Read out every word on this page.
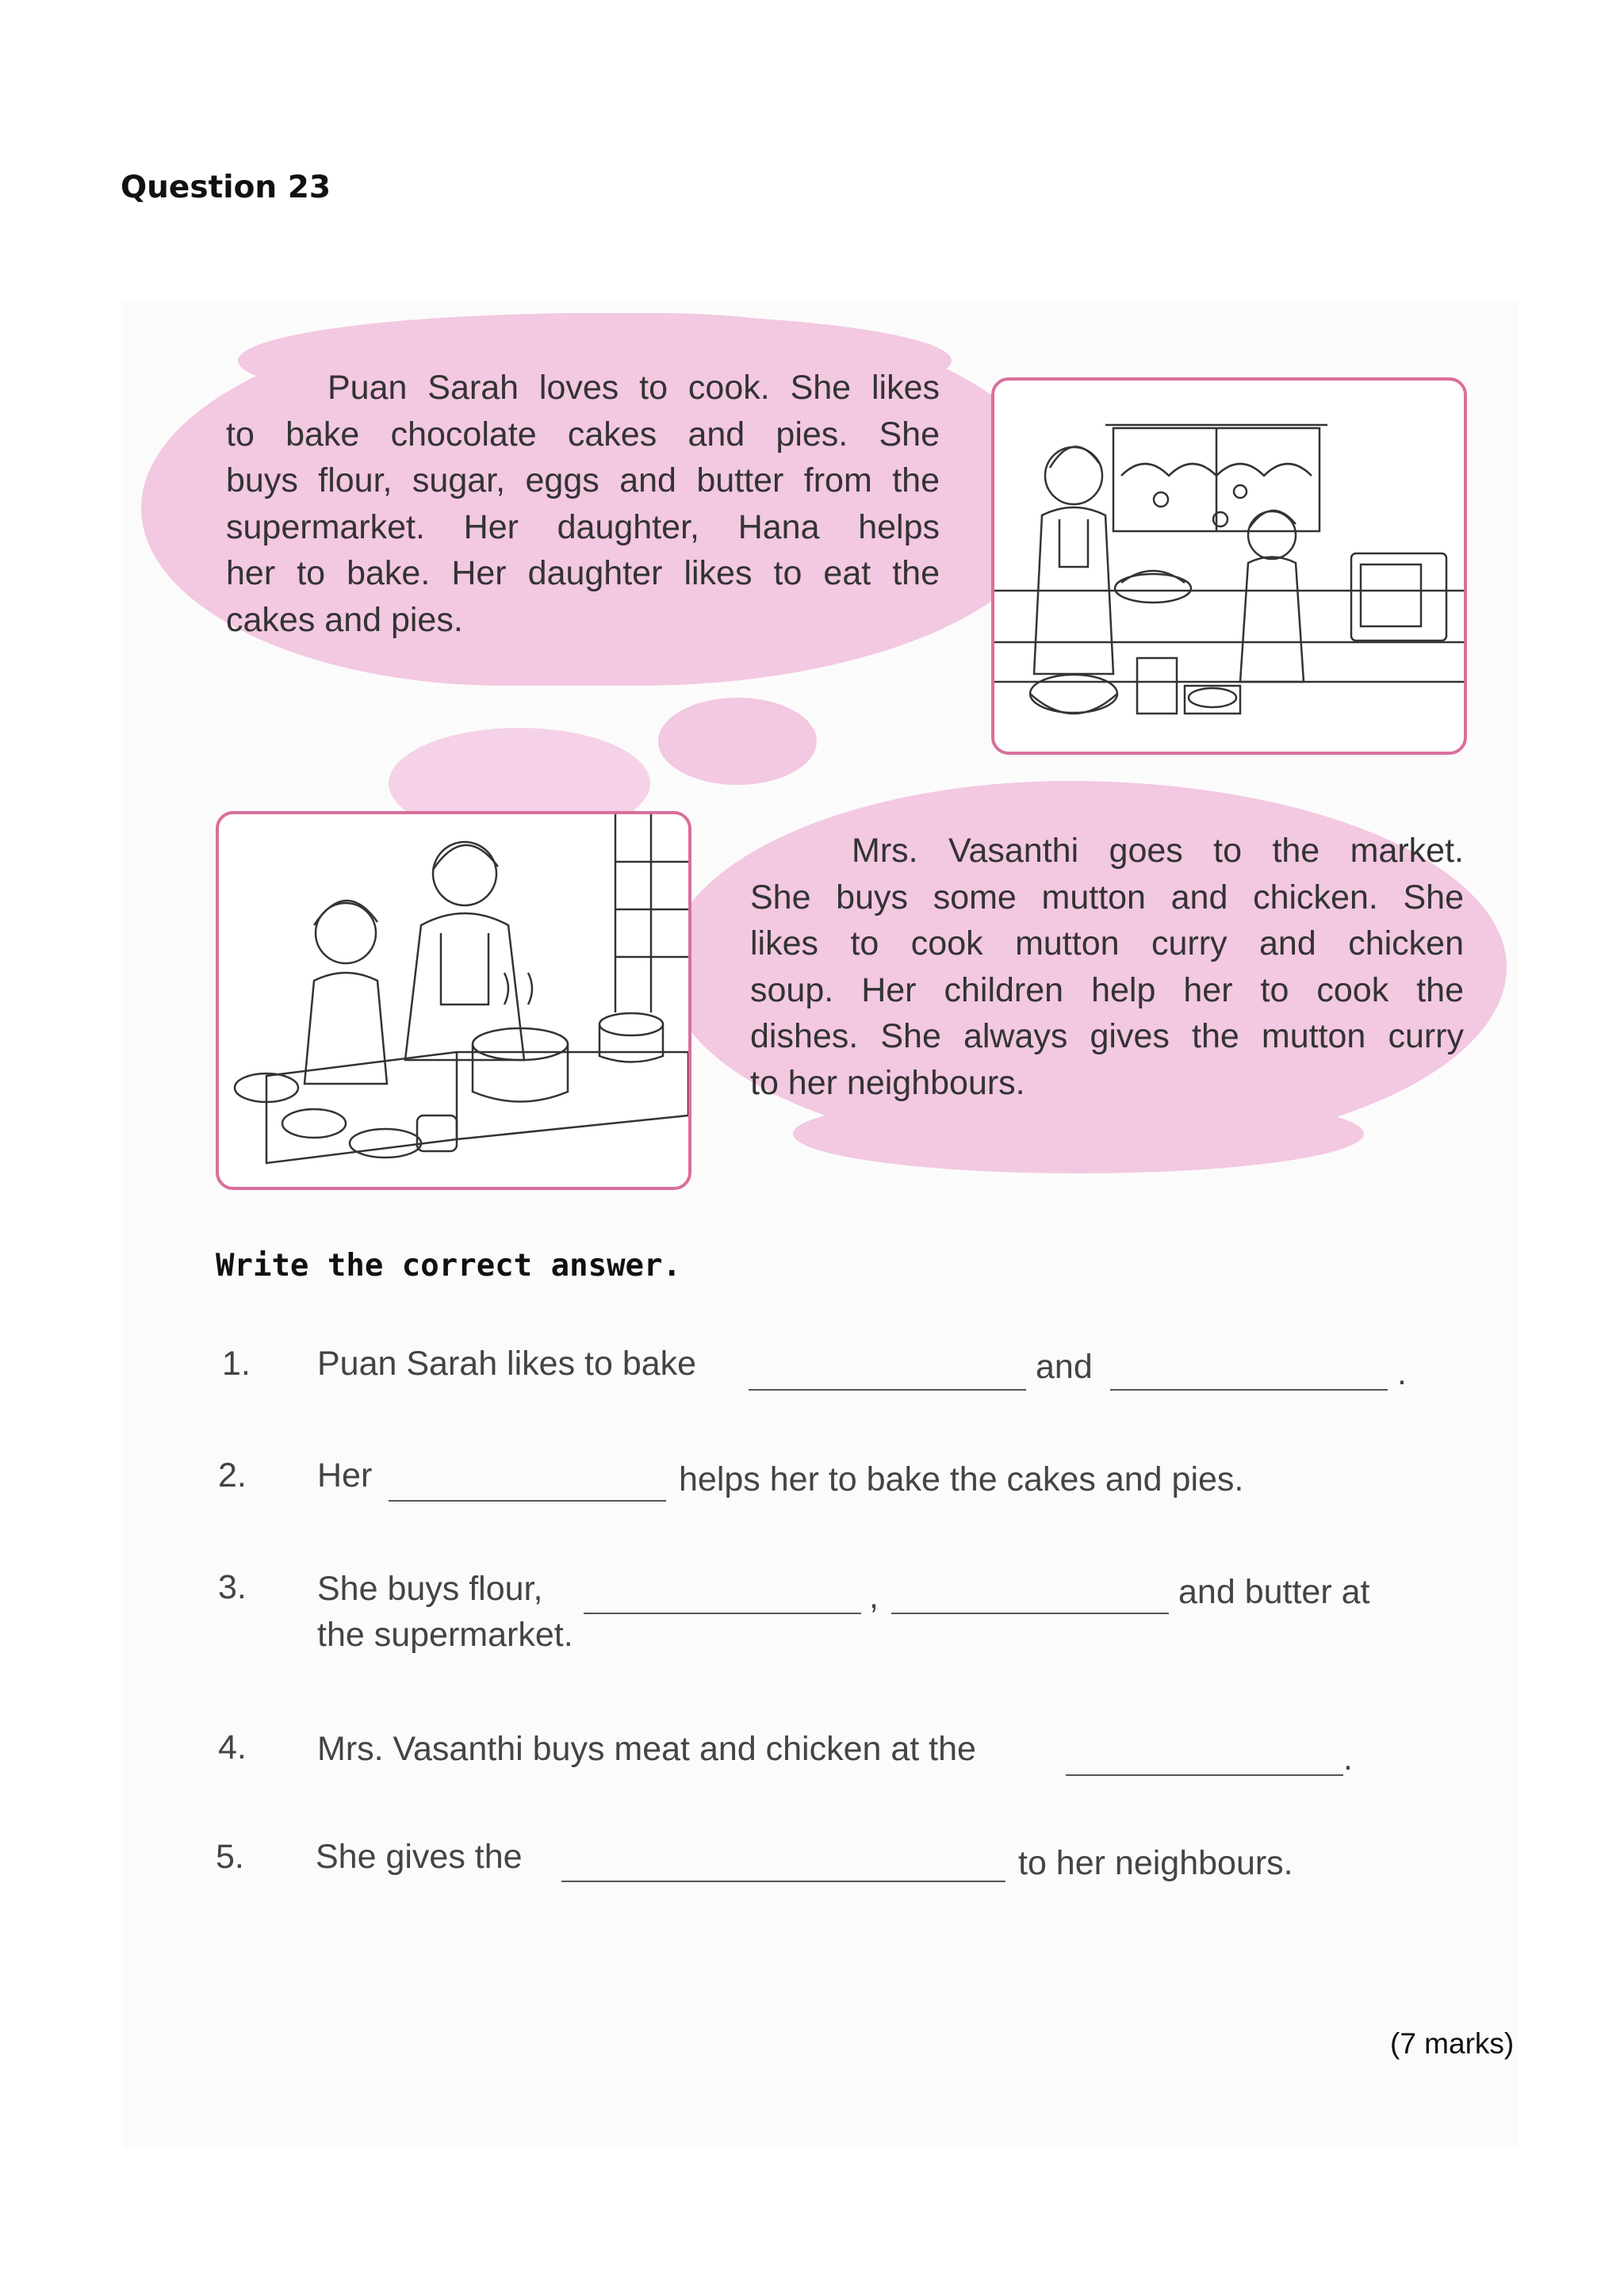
Question 23
Puan Sarah loves to cook. She likes
to bake chocolate cakes and pies. She
buys flour, sugar, eggs and butter from the
supermarket. Her daughter, Hana helps
her to bake. Her daughter likes to eat the
cakes and pies.
Mrs. Vasanthi goes to the market.
She buys some mutton and chicken. She
likes to cook mutton curry and chicken
soup. Her children help her to cook the
dishes. She always gives the mutton curry
to her neighbours.
Write the correct answer.
1. Puan Sarah likes to bake	and	.
2. Her	helps her to bake the cakes and pies.
3. She buys flour,	,	and butter at
the supermarket.
4. Mrs. Vasanthi buys meat and chicken at the	.
5. She gives the	to her neighbours.
(7 marks)
